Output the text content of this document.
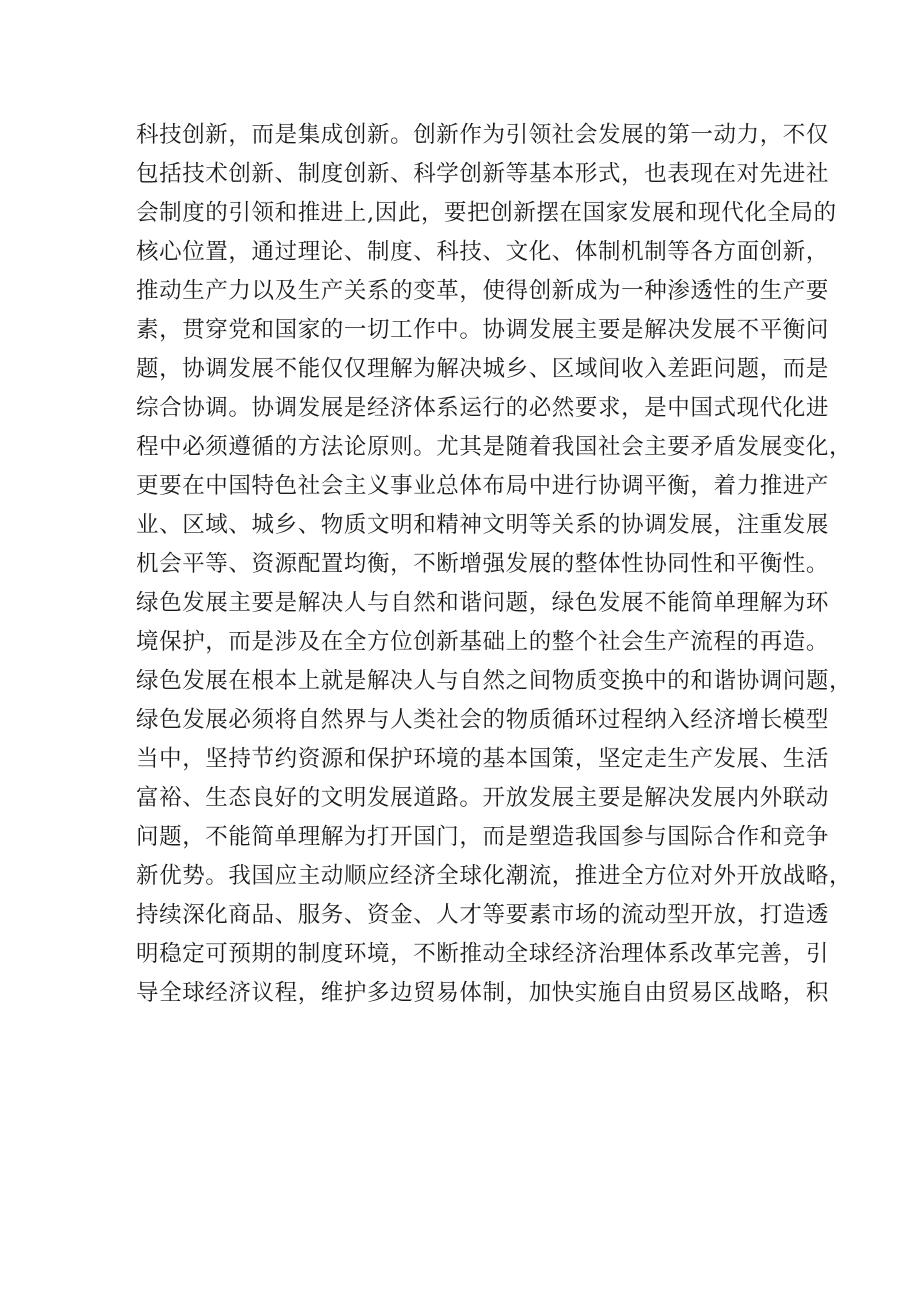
科技创新，而是集成创新。创新作为引领社会发展的第一动力，不仅
包括技术创新、制度创新、科学创新等基本形式，也表现在对先进社
会制度的引领和推进上,因此，要把创新摆在国家发展和现代化全局的
核心位置，通过理论、制度、科技、文化、体制机制等各方面创新，
推动生产力以及生产关系的变革，使得创新成为一种渗透性的生产要
素，贯穿党和国家的一切工作中。协调发展主要是解决发展不平衡问
题，协调发展不能仅仅理解为解决城乡、区域间收入差距问题，而是
综合协调。协调发展是经济体系运行的必然要求，是中国式现代化进
程中必须遵循的方法论原则。尤其是随着我国社会主要矛盾发展变化，
更要在中国特色社会主义事业总体布局中进行协调平衡，着力推进产
业、区域、城乡、物质文明和精神文明等关系的协调发展，注重发展
机会平等、资源配置均衡，不断增强发展的整体性协同性和平衡性。
绿色发展主要是解决人与自然和谐问题，绿色发展不能简单理解为环
境保护，而是涉及在全方位创新基础上的整个社会生产流程的再造。
绿色发展在根本上就是解决人与自然之间物质变换中的和谐协调问题，
绿色发展必须将自然界与人类社会的物质循环过程纳入经济增长模型
当中，坚持节约资源和保护环境的基本国策，坚定走生产发展、生活
富裕、生态良好的文明发展道路。开放发展主要是解决发展内外联动
问题，不能简单理解为打开国门，而是塑造我国参与国际合作和竞争
新优势。我国应主动顺应经济全球化潮流，推进全方位对外开放战略，
持续深化商品、服务、资金、人才等要素市场的流动型开放，打造透
明稳定可预期的制度环境，不断推动全球经济治理体系改革完善，引
导全球经济议程，维护多边贸易体制，加快实施自由贸易区战略，积
